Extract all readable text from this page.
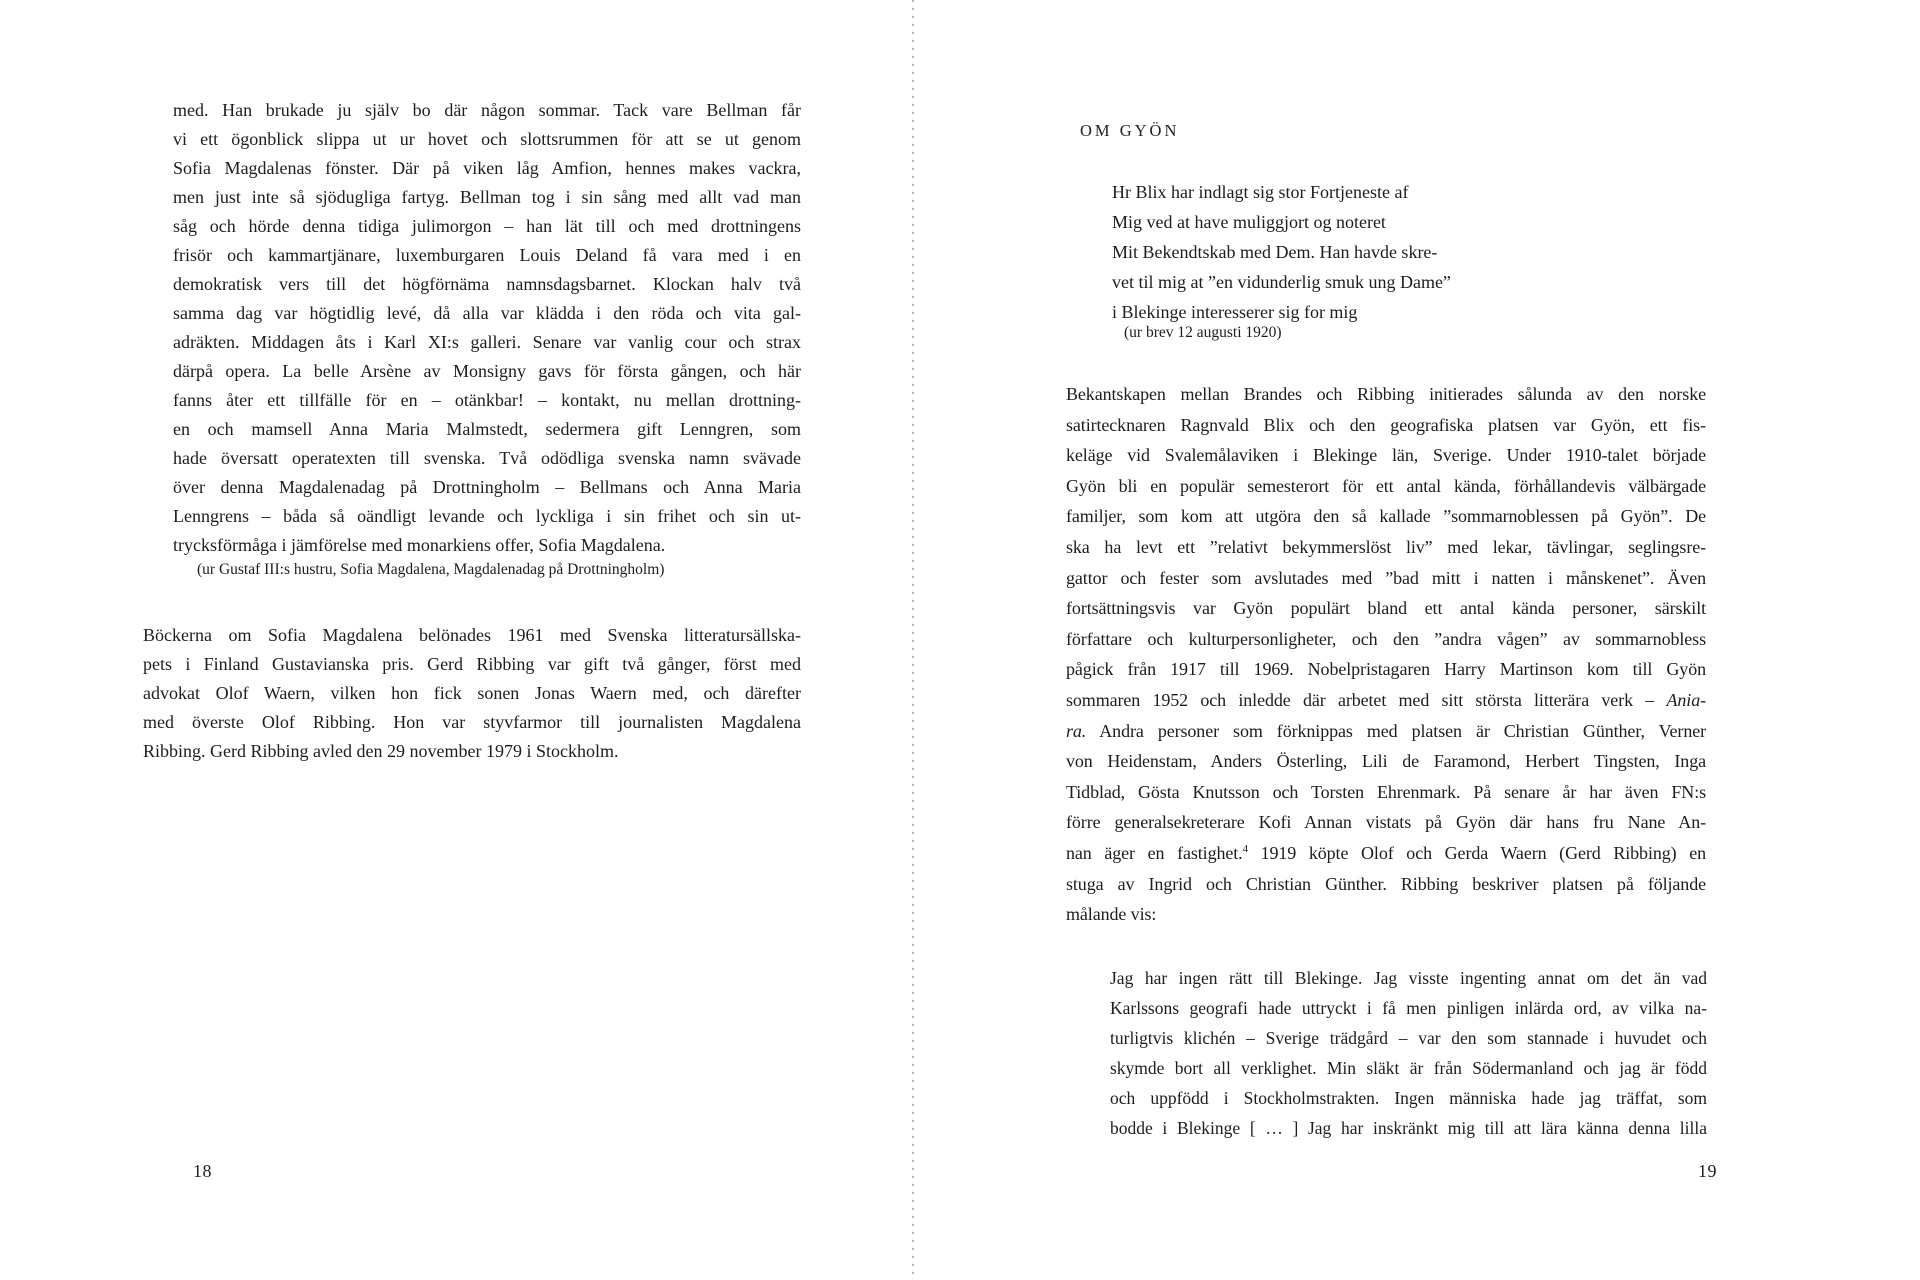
med. Han brukade ju själv bo där någon sommar. Tack vare Bellman får
vi ett ögonblick slippa ut ur hovet och slottsrummen för att se ut genom
Sofia Magdalenas fönster. Där på viken låg Amfion, hennes makes vackra,
men just inte så sjödugliga fartyg. Bellman tog i sin sång med allt vad man
såg och hörde denna tidiga julimorgon – han lät till och med drottningens
frisör och kammartjänare, luxemburgaren Louis Deland få vara med i en
demokratisk vers till det högförnäma namnsdagsbarnet. Klockan halv två
samma dag var högtidlig levé, då alla var klädda i den röda och vita gal-
adräkten. Middagen åts i Karl XI:s galleri. Senare var vanlig cour och strax
därpå opera. La belle Arsène av Monsigny gavs för första gången, och här
fanns åter ett tillfälle för en – otänkbar! – kontakt, nu mellan drottning-
en och mamsell Anna Maria Malmstedt, sedermera gift Lenngren, som
hade översatt operatexten till svenska. Två odödliga svenska namn svävade
över denna Magdalenadag på Drottningholm – Bellmans och Anna Maria
Lenngrens – båda så oändligt levande och lyckliga i sin frihet och sin ut-
trycksförmåga i jämförelse med monarkiens offer, Sofia Magdalena.
(ur Gustaf III:s hustru, Sofia Magdalena, Magdalenadag på Drottningholm)
Böckerna om Sofia Magdalena belönades 1961 med Svenska litteratursällska-
pets i Finland Gustavianska pris. Gerd Ribbing var gift två gånger, först med
advokat Olof Waern, vilken hon fick sonen Jonas Waern med, och därefter
med överste Olof Ribbing. Hon var styvfarmor till journalisten Magdalena
Ribbing. Gerd Ribbing avled den 29 november 1979 i Stockholm.
18
OM GYÖN
Hr Blix har indlagt sig stor Fortjeneste af
Mig ved at have muliggjort og noteret
Mit Bekendtskab med Dem. Han havde skre-
vet til mig at ”en vidunderlig smuk ung Dame”
i Blekinge interesserer sig for mig
(ur brev 12 augusti 1920)
Bekantskapen mellan Brandes och Ribbing initierades sålunda av den norske
satirtecknaren Ragnvald Blix och den geografiska platsen var Gyön, ett fis-
keläge vid Svalemålaviken i Blekinge län, Sverige. Under 1910-talet började
Gyön bli en populär semesterort för ett antal kända, förhållandevis välbärgade
familjer, som kom att utgöra den så kallade ”sommarnoblessen på Gyön”. De
ska ha levt ett ”relativt bekymmerslöst liv” med lekar, tävlingar, seglingsre-
gattor och fester som avslutades med ”bad mitt i natten i månskenet”. Även
fortsättningsvis var Gyön populärt bland ett antal kända personer, särskilt
författare och kulturpersonligheter, och den ”andra vågen” av sommarnobless
pågick från 1917 till 1969. Nobelpristagaren Harry Martinson kom till Gyön
sommaren 1952 och inledde där arbetet med sitt största litterära verk – Ania-
ra. Andra personer som förknippas med platsen är Christian Günther, Verner
von Heidenstam, Anders Österling, Lili de Faramond, Herbert Tingsten, Inga
Tidblad, Gösta Knutsson och Torsten Ehrenmark. På senare år har även FN:s
förre generalsekreterare Kofi Annan vistats på Gyön där hans fru Nane An-
nan äger en fastighet.$^4$ 1919 köpte Olof och Gerda Waern (Gerd Ribbing) en
stuga av Ingrid och Christian Günther. Ribbing beskriver platsen på följande
målande vis:
Jag har ingen rätt till Blekinge. Jag visste ingenting annat om det än vad
Karlssons geografi hade uttryckt i få men pinligen inlärda ord, av vilka na-
turligtvis klichén – Sverige trädgård – var den som stannade i huvudet och
skymde bort all verklighet. Min släkt är från Södermanland och jag är född
och uppfödd i Stockholmstrakten. Ingen människa hade jag träffat, som
bodde i Blekinge [ … ] Jag har inskränkt mig till att lära känna denna lilla
19
